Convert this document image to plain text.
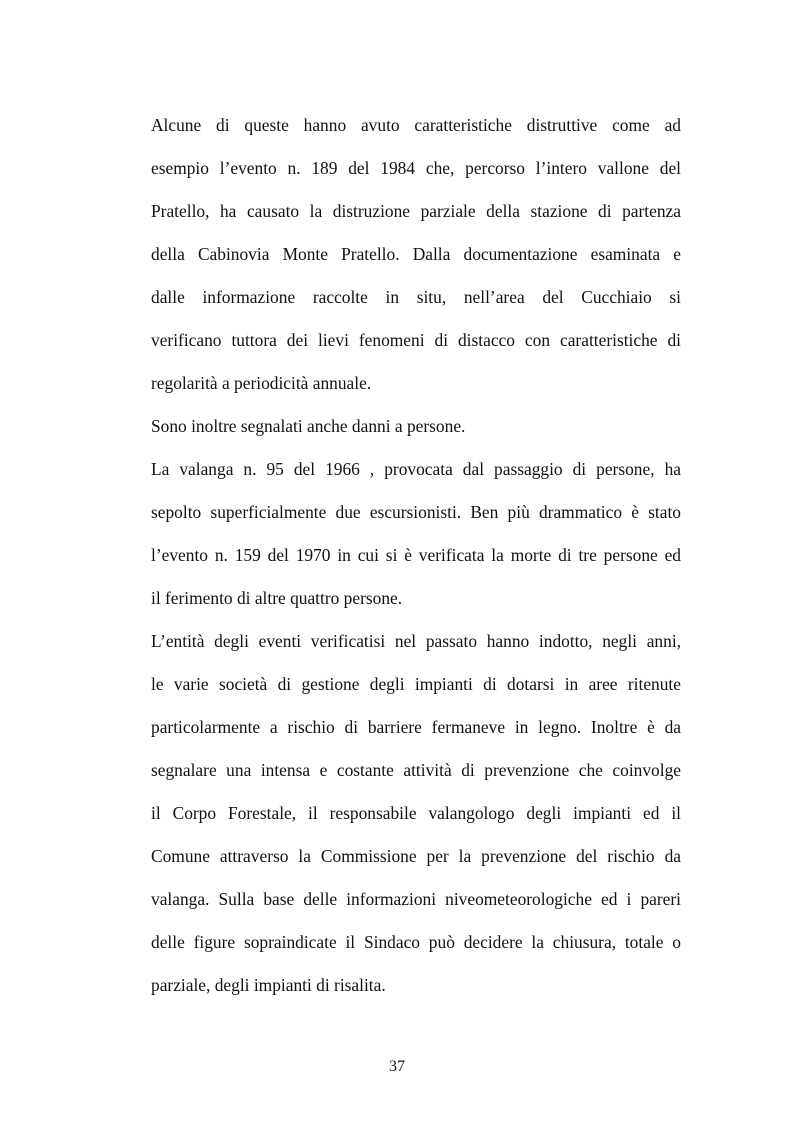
Alcune di queste hanno avuto caratteristiche distruttive come ad
esempio l’evento n. 189 del 1984 che, percorso l’intero vallone del
Pratello, ha causato la distruzione parziale della stazione di partenza
della Cabinovia Monte Pratello. Dalla documentazione esaminata e
dalle informazione raccolte in situ, nell’area del Cucchiaio si
verificano tuttora dei lievi fenomeni di distacco con caratteristiche di
regolarità a periodicità annuale.
Sono inoltre segnalati anche danni a persone.
La valanga n. 95 del 1966 , provocata dal passaggio di persone, ha
sepolto superficialmente due escursionisti. Ben più drammatico è stato
l’evento n. 159 del 1970 in cui si è verificata la morte di tre persone ed
il ferimento di altre quattro persone.
L’entità degli eventi verificatisi nel passato hanno indotto, negli anni,
le varie società di gestione degli impianti di dotarsi in aree ritenute
particolarmente a rischio di barriere fermaneve in legno. Inoltre è da
segnalare una intensa e costante attività di prevenzione che coinvolge
il Corpo Forestale, il responsabile valangologo degli impianti ed il
Comune attraverso la Commissione per la prevenzione del rischio da
valanga. Sulla base delle informazioni niveometeorologiche ed i pareri
delle figure sopraindicate il Sindaco può decidere la chiusura, totale o
parziale, degli impianti di risalita.
37
